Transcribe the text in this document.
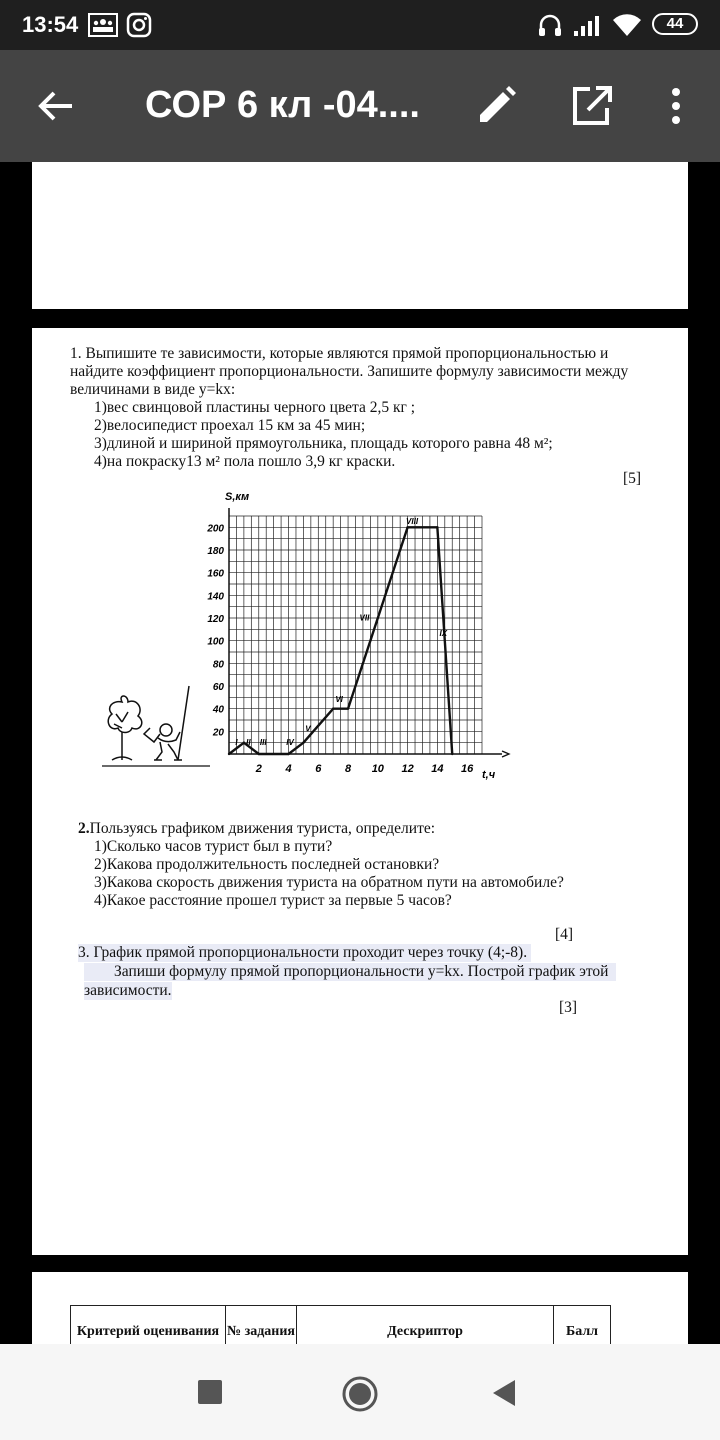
13:54	44
СОР 6 кл -04....
1. Выпишите те зависимости, которые являются прямой пропорциональностью и
найдите коэффициент пропорциональности. Запишите формулу зависимости между
величинами в виде y=kx:
1)вес свинцовой пластины черного цвета 2,5 кг ;
2)велосипедист проехал 15 км за 45 мин;
3)длиной и шириной прямоугольника, площадь которого равна 48 м²;
4)на покраску13 м² пола пошло 3,9 кг краски.
[5]
20
40
60
80
100
120
140
160
180
200
2 4 6 8 10 12 14 16
I II III IV
V
VI
VII
VIII
IX
S,км
t,ч
2.Пользуясь графиком движения туриста, определите:
1)Сколько часов турист был в пути?
2)Какова продолжительность последней остановки?
3)Какова скорость движения туриста на обратном пути на автомобиле?
4)Какое расстояние прошел турист за первые 5 часов?
[4]
3. График прямой пропорциональности проходит через точку (4;-8).
Запиши формулу прямой пропорциональности y=kx. Построй график этой
зависимости.
[3]
Критерий оценивания	№ задания	Дескриптор	Балл
